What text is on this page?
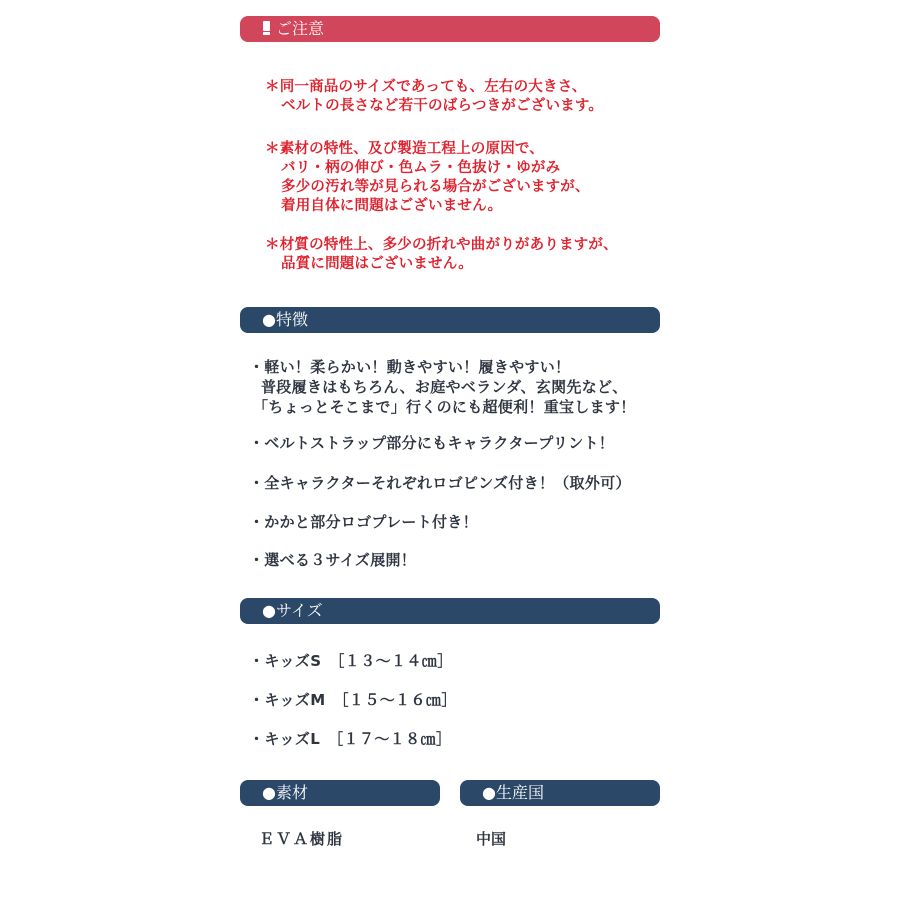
ご注意
＊同一商品のサイズであっても、左右の大きさ、
ベルトの長さなど若干のばらつきがございます。
＊素材の特性、及び製造工程上の原因で、
バリ・柄の伸び・色ムラ・色抜け・ゆがみ
多少の汚れ等が見られる場合がございますが、
着用自体に問題はございません。
＊材質の特性上、多少の折れや曲がりがありますが、
品質に問題はございません。
●特徴
・軽い！柔らかい！動きやすい！履きやすい！
普段履きはもちろん、お庭やベランダ、玄関先など、
「ちょっとそこまで」行くのにも超便利！重宝します！
・ベルトストラップ部分にもキャラクタープリント！
・全キャラクターそれぞれロゴピンズ付き！（取外可）
・かかと部分ロゴプレート付き！
・選べる３サイズ展開！
●サイズ
・キッズS　［１３～１４㎝］
・キッズM　［１５～１６㎝］
・キッズL　［１７～１８㎝］
●素材	●生産国
ＥＶＡ樹脂	中国
